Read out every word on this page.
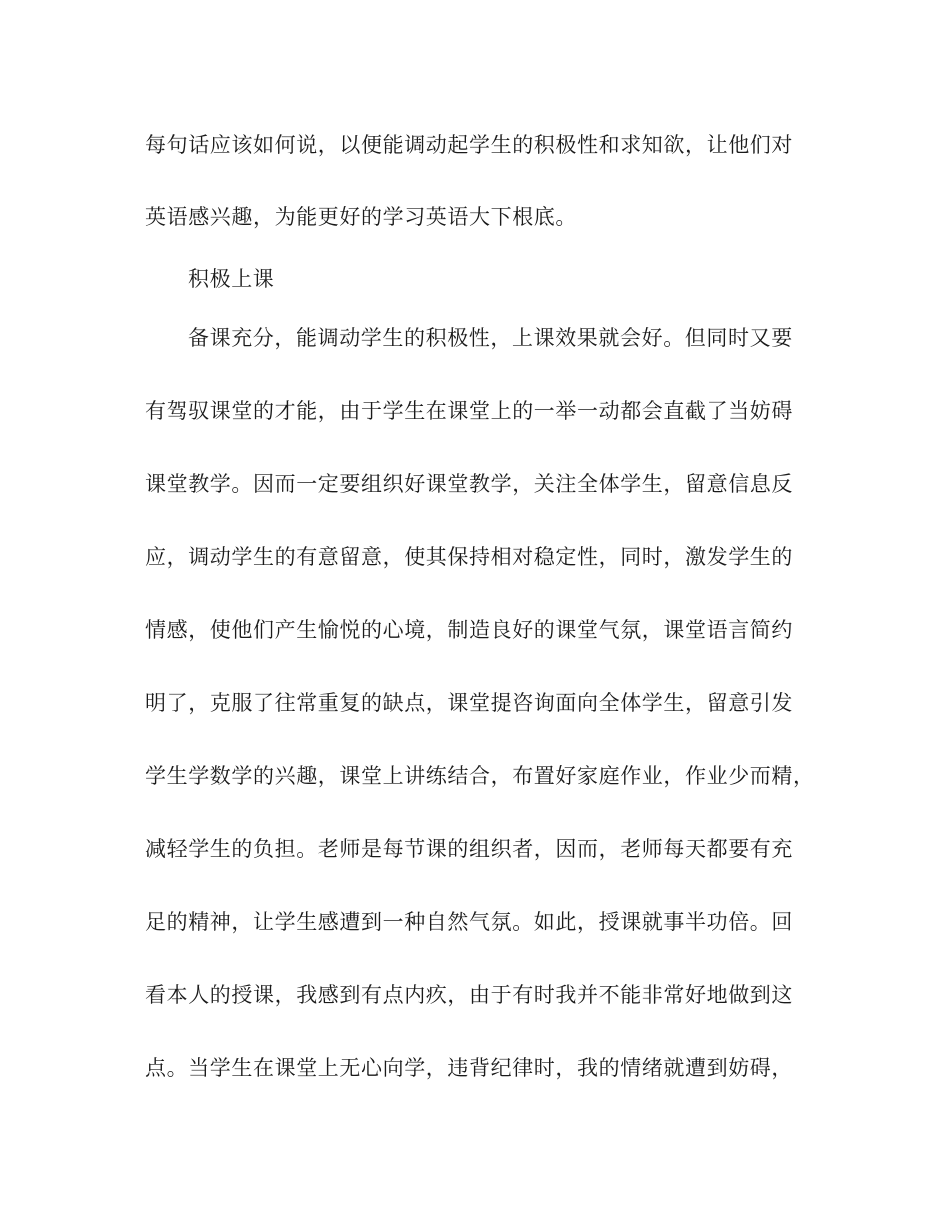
每句话应该如何说，以便能调动起学生的积极性和求知欲，让他们对
英语感兴趣，为能更好的学习英语大下根底。
积极上课
备课充分，能调动学生的积极性，上课效果就会好。但同时又要
有驾驭课堂的才能，由于学生在课堂上的一举一动都会直截了当妨碍
课堂教学。因而一定要组织好课堂教学，关注全体学生，留意信息反
应，调动学生的有意留意，使其保持相对稳定性，同时，激发学生的
情感，使他们产生愉悦的心境，制造良好的课堂气氛，课堂语言简约
明了，克服了往常重复的缺点，课堂提咨询面向全体学生，留意引发
学生学数学的兴趣，课堂上讲练结合，布置好家庭作业，作业少而精，
减轻学生的负担。老师是每节课的组织者，因而，老师每天都要有充
足的精神，让学生感遭到一种自然气氛。如此，授课就事半功倍。回
看本人的授课，我感到有点内疚，由于有时我并不能非常好地做到这
点。当学生在课堂上无心向学，违背纪律时，我的情绪就遭到妨碍，
